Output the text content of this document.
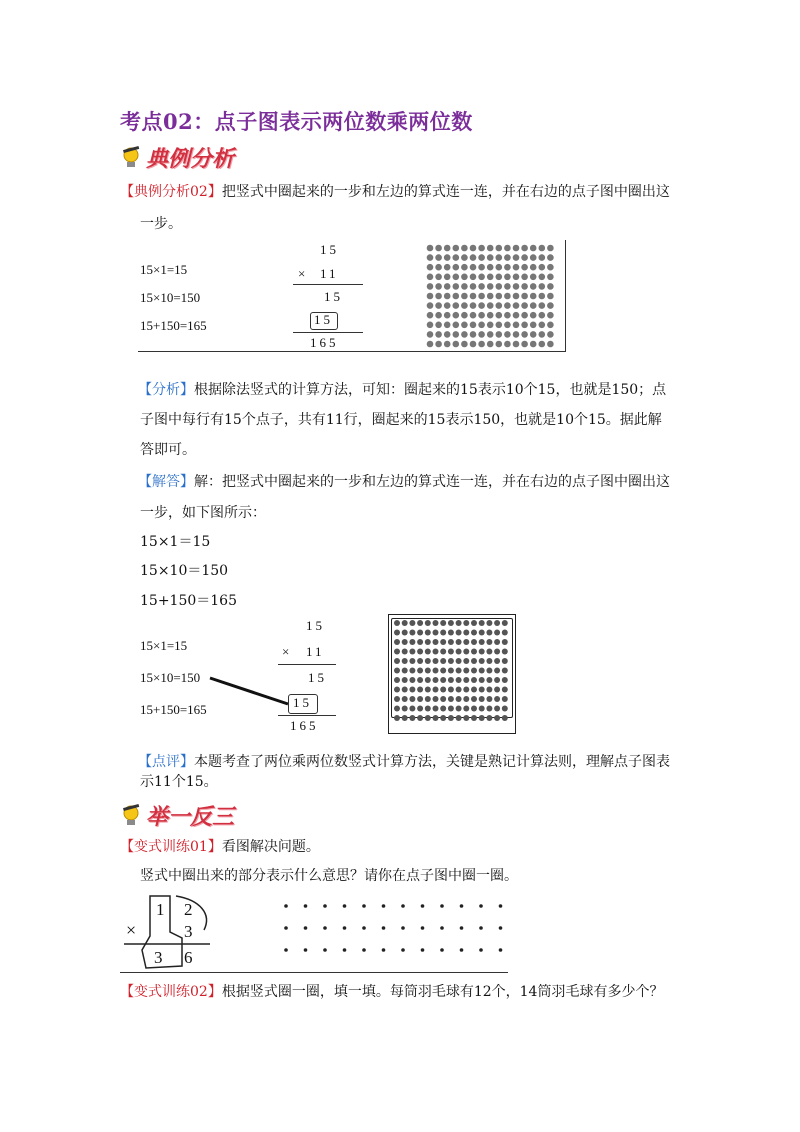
考点02：点子图表示两位数乘两位数
典例分析
【典例分析02】把竖式中圈起来的一步和左边的算式连一连，并在右边的点子图中圈出这
一步。
15×1=15
15×10=150
15+150=165
15
× 11
15
15
165
【分析】根据除法竖式的计算方法，可知：圈起来的15表示10个15，也就是150；点
子图中每行有15个点子，共有11行，圈起来的15表示150，也就是10个15。据此解
答即可。
【解答】解：把竖式中圈起来的一步和左边的算式连一连，并在右边的点子图中圈出这
一步，如下图所示：
15×1＝15
15×10＝150
15+150＝165
15×1=15
15×10=150
15+150=165
15
× 11
15
15
165
【点评】本题考查了两位乘两位数竖式计算方法，关键是熟记计算法则，理解点子图表
示11个15。
举一反三
【变式训练01】看图解决问题。
竖式中圈出来的部分表示什么意思？请你在点子图中圈一圈。
1 2
×	3
3 6
【变式训练02】根据竖式圈一圈，填一填。每筒羽毛球有12个，14筒羽毛球有多少个？
